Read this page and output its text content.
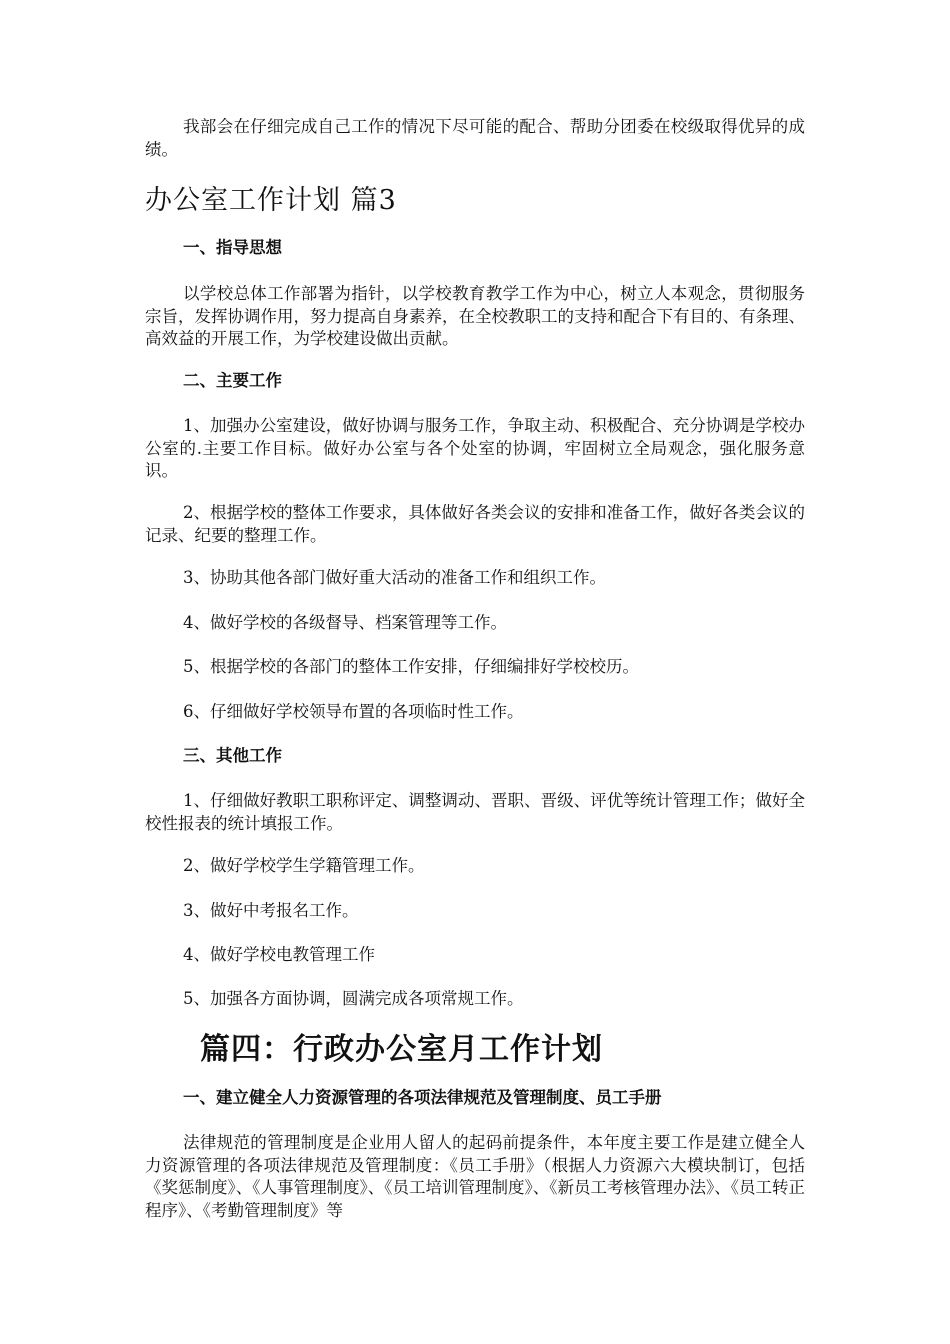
我部会在仔细完成自己工作的情况下尽可能的配合、帮助分团委在校级取得优异的成绩。

办公室工作计划 篇3
一、指导思想

以学校总体工作部署为指针，以学校教育教学工作为中心，树立人本观念，贯彻服务宗旨，发挥协调作用，努力提高自身素养，在全校教职工的支持和配合下有目的、有条理、高效益的开展工作，为学校建设做出贡献。

二、主要工作

1、加强办公室建设，做好协调与服务工作，争取主动、积极配合、充分协调是学校办公室的.主要工作目标。做好办公室与各个处室的协调，牢固树立全局观念，强化服务意识。

2、根据学校的整体工作要求，具体做好各类会议的安排和准备工作，做好各类会议的记录、纪要的整理工作。

3、协助其他各部门做好重大活动的准备工作和组织工作。

4、做好学校的各级督导、档案管理等工作。

5、根据学校的各部门的整体工作安排，仔细编排好学校校历。

6、仔细做好学校领导布置的各项临时性工作。

三、其他工作

1、仔细做好教职工职称评定、调整调动、晋职、晋级、评优等统计管理工作；做好全校性报表的统计填报工作。

2、做好学校学生学籍管理工作。

3、做好中考报名工作。

4、做好学校电教管理工作

5、加强各方面协调，圆满完成各项常规工作。

篇四：行政办公室月工作计划
一、建立健全人力资源管理的各项法律规范及管理制度、员工手册

法律规范的管理制度是企业用人留人的起码前提条件，本年度主要工作是建立健全人力资源管理的各项法律规范及管理制度：《员工手册》（根据人力资源六大模块制订，包括《奖惩制度》、《人事管理制度》、《员工培训管理制度》、《新员工考核管理办法》、《员工转正程序》、《考勤管理制度》等
